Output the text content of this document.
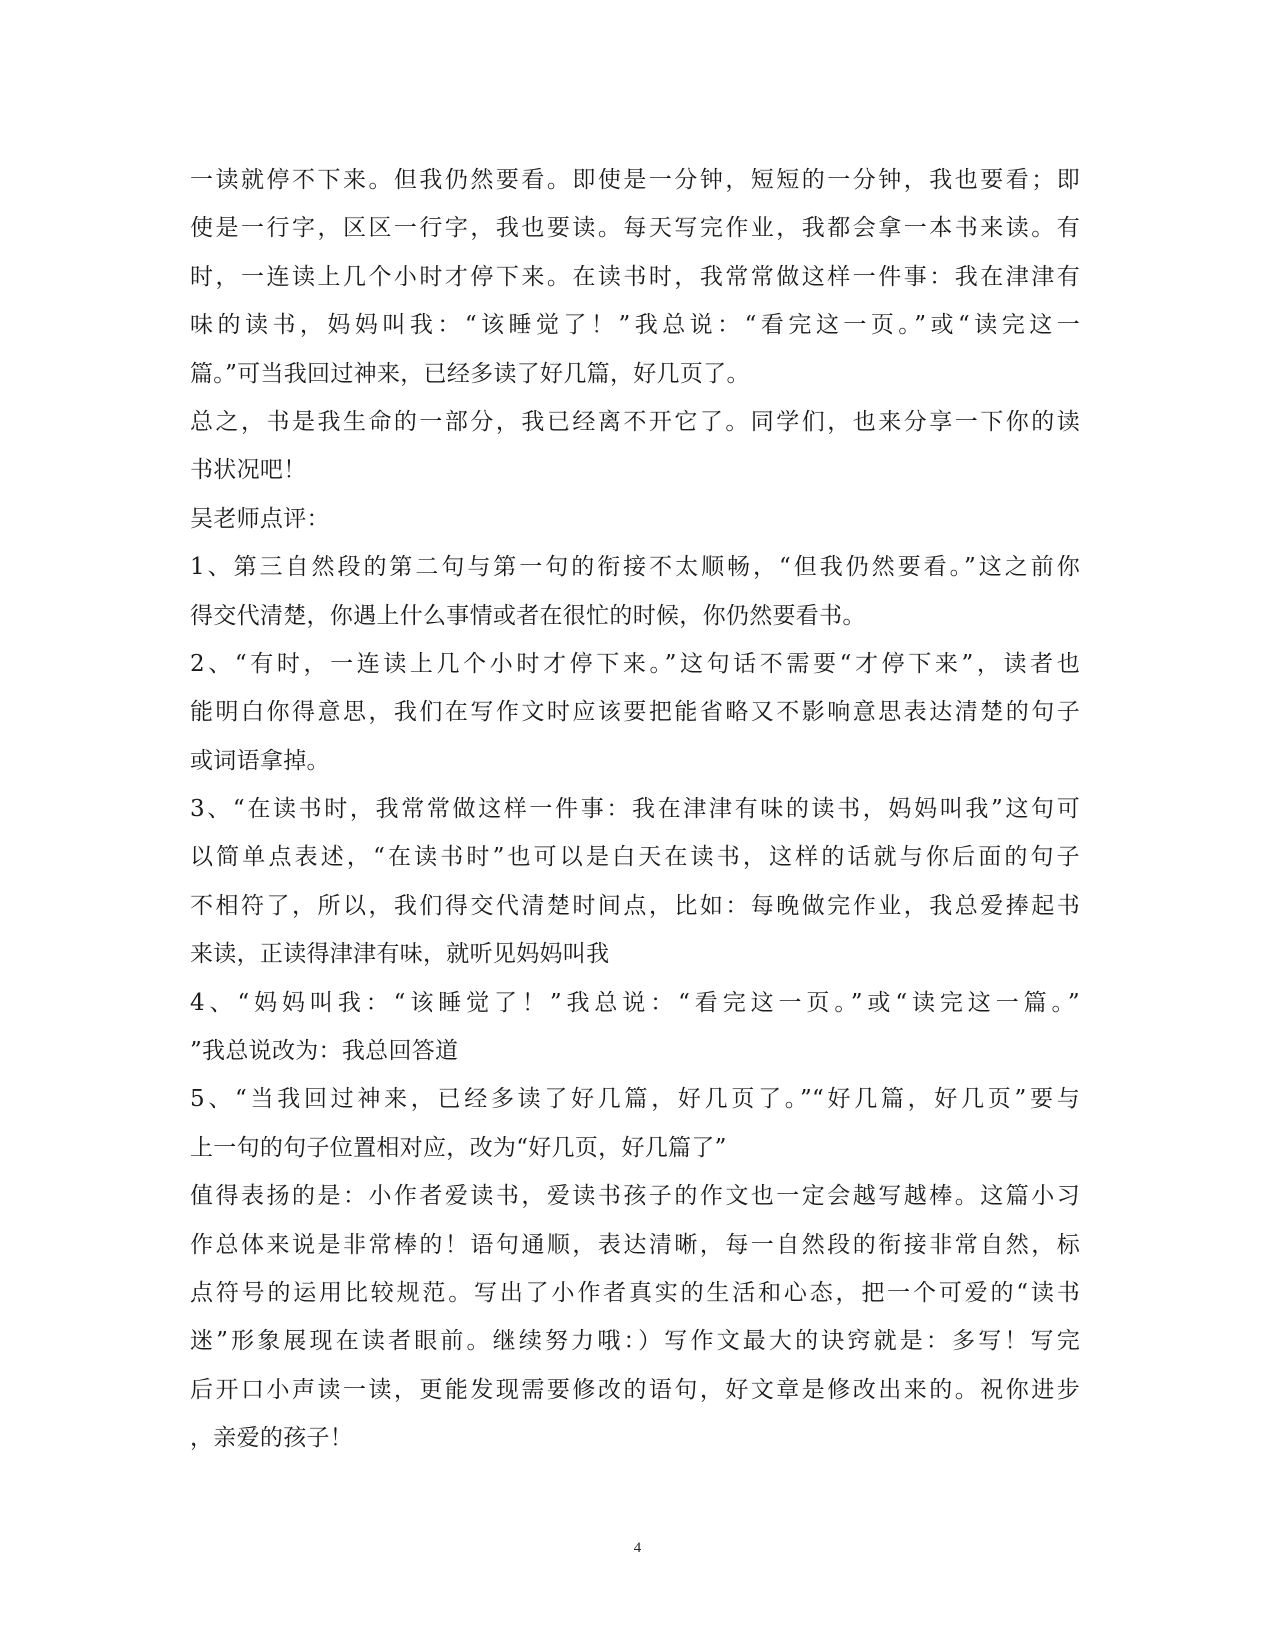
一读就停不下来。但我仍然要看。即使是一分钟，短短的一分钟，我也要看；即
使是一行字，区区一行字，我也要读。每天写完作业，我都会拿一本书来读。有
时，一连读上几个小时才停下来。在读书时，我常常做这样一件事：我在津津有
味的读书，妈妈叫我：“该睡觉了！”我总说：“看完这一页。”或“读完这一
篇。”可当我回过神来，已经多读了好几篇，好几页了。
总之，书是我生命的一部分，我已经离不开它了。同学们，也来分享一下你的读
书状况吧！
吴老师点评：
1、第三自然段的第二句与第一句的衔接不太顺畅，“但我仍然要看。”这之前你
得交代清楚，你遇上什么事情或者在很忙的时候，你仍然要看书。
2、“有时，一连读上几个小时才停下来。”这句话不需要“才停下来”，读者也
能明白你得意思，我们在写作文时应该要把能省略又不影响意思表达清楚的句子
或词语拿掉。
3、“在读书时，我常常做这样一件事：我在津津有味的读书，妈妈叫我”这句可
以简单点表述，“在读书时”也可以是白天在读书，这样的话就与你后面的句子
不相符了，所以，我们得交代清楚时间点，比如：每晚做完作业，我总爱捧起书
来读，正读得津津有味，就听见妈妈叫我
4、“妈妈叫我：“该睡觉了！”我总说：“看完这一页。”或“读完这一篇。”
”我总说改为：我总回答道
5、“当我回过神来，已经多读了好几篇，好几页了。”“好几篇，好几页”要与
上一句的句子位置相对应，改为“好几页，好几篇了”
值得表扬的是：小作者爱读书，爱读书孩子的作文也一定会越写越棒。这篇小习
作总体来说是非常棒的！语句通顺，表达清晰，每一自然段的衔接非常自然，标
点符号的运用比较规范。写出了小作者真实的生活和心态，把一个可爱的“读书
迷”形象展现在读者眼前。继续努力哦：）写作文最大的诀窍就是：多写！写完
后开口小声读一读，更能发现需要修改的语句，好文章是修改出来的。祝你进步
，亲爱的孩子！
4
